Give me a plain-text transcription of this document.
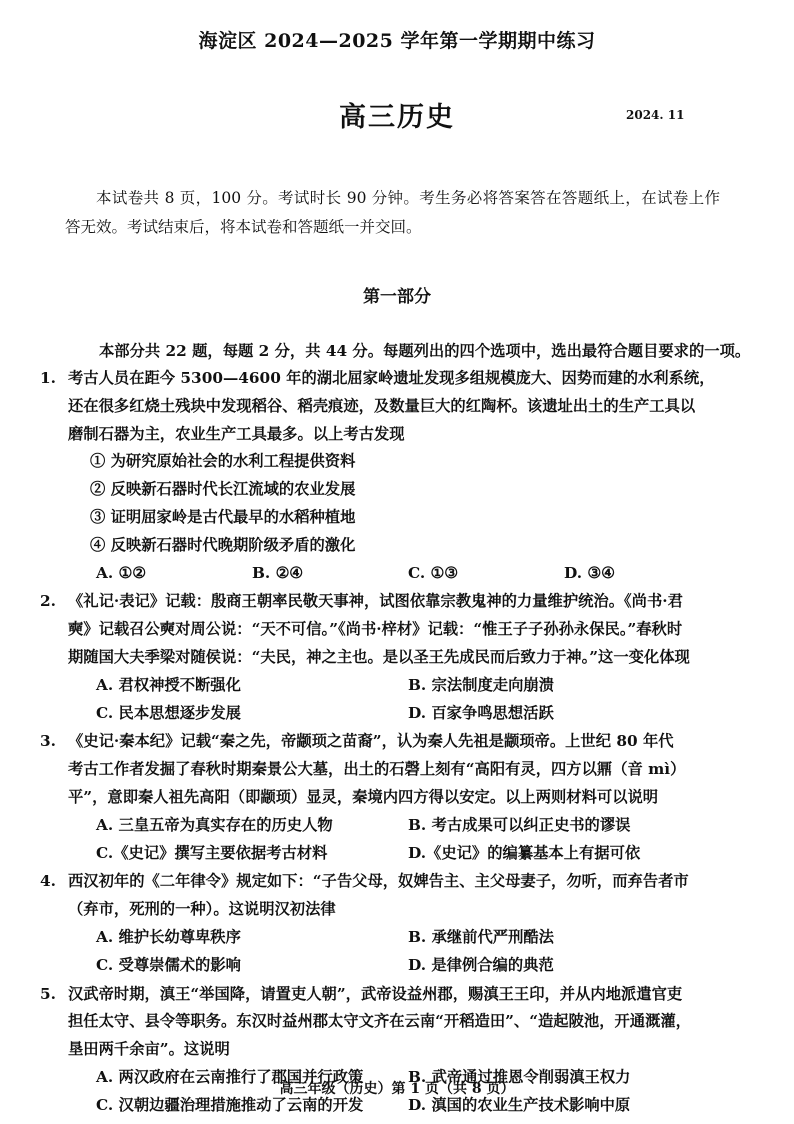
海淀区 2024—2025 学年第一学期期中练习
高三历史	2024. 11
本试卷共 8 页，100 分。考试时长 90 分钟。考生务必将答案答在答题纸上，在试卷上作答无效。考试结束后，将本试卷和答题纸一并交回。
第一部分
本部分共 22 题，每题 2 分，共 44 分。每题列出的四个选项中，选出最符合题目要求的一项。
1. 考古人员在距今 5300—4600 年的湖北屈家岭遗址发现多组规模庞大、因势而建的水利系统，
还在很多红烧土残块中发现稻谷、稻壳痕迹，及数量巨大的红陶杯。该遗址出土的生产工具以
磨制石器为主，农业生产工具最多。以上考古发现
① 为研究原始社会的水利工程提供资料
② 反映新石器时代长江流域的农业发展
③ 证明屈家岭是古代最早的水稻种植地
④ 反映新石器时代晚期阶级矛盾的激化
A. ①②	B. ②④	C. ①③	D. ③④
2. 《礼记·表记》记载：殷商王朝率民敬天事神，试图依靠宗教鬼神的力量维护统治。《尚书·君
奭》记载召公奭对周公说：“天不可信。”《尚书·梓材》记载：“惟王子子孙孙永保民。”春秋时
期随国大夫季梁对随侯说：“夫民，神之主也。是以圣王先成民而后致力于神。”这一变化体现
A. 君权神授不断强化	B. 宗法制度走向崩溃
C. 民本思想逐步发展	D. 百家争鸣思想活跃
3. 《史记·秦本纪》记载“秦之先，帝颛顼之苗裔”，认为秦人先祖是颛顼帝。上世纪 80 年代
考古工作者发掘了春秋时期秦景公大墓，出土的石磬上刻有“高阳有灵，四方以鼏（音 mì）
平”，意即秦人祖先高阳（即颛顼）显灵，秦境内四方得以安定。以上两则材料可以说明
A. 三皇五帝为真实存在的历史人物	B. 考古成果可以纠正史书的谬误
C.《史记》撰写主要依据考古材料	D.《史记》的编纂基本上有据可依
4. 西汉初年的《二年律令》规定如下：“子告父母，奴婢告主、主父母妻子，勿听，而弃告者市
（弃市，死刑的一种）。这说明汉初法律
A. 维护长幼尊卑秩序	B. 承继前代严刑酷法
C. 受尊崇儒术的影响	D. 是律例合编的典范
5. 汉武帝时期，滇王“举国降，请置吏人朝”，武帝设益州郡，赐滇王王印，并从内地派遣官吏
担任太守、县令等职务。东汉时益州郡太守文齐在云南“开稻造田”、“造起陂池，开通溉灌，
垦田两千余亩”。这说明
A. 两汉政府在云南推行了郡国并行政策	B. 武帝通过推恩令削弱滇王权力
C. 汉朝边疆治理措施推动了云南的开发	D. 滇国的农业生产技术影响中原
高三年级（历史）第 1 页（共 8 页）
